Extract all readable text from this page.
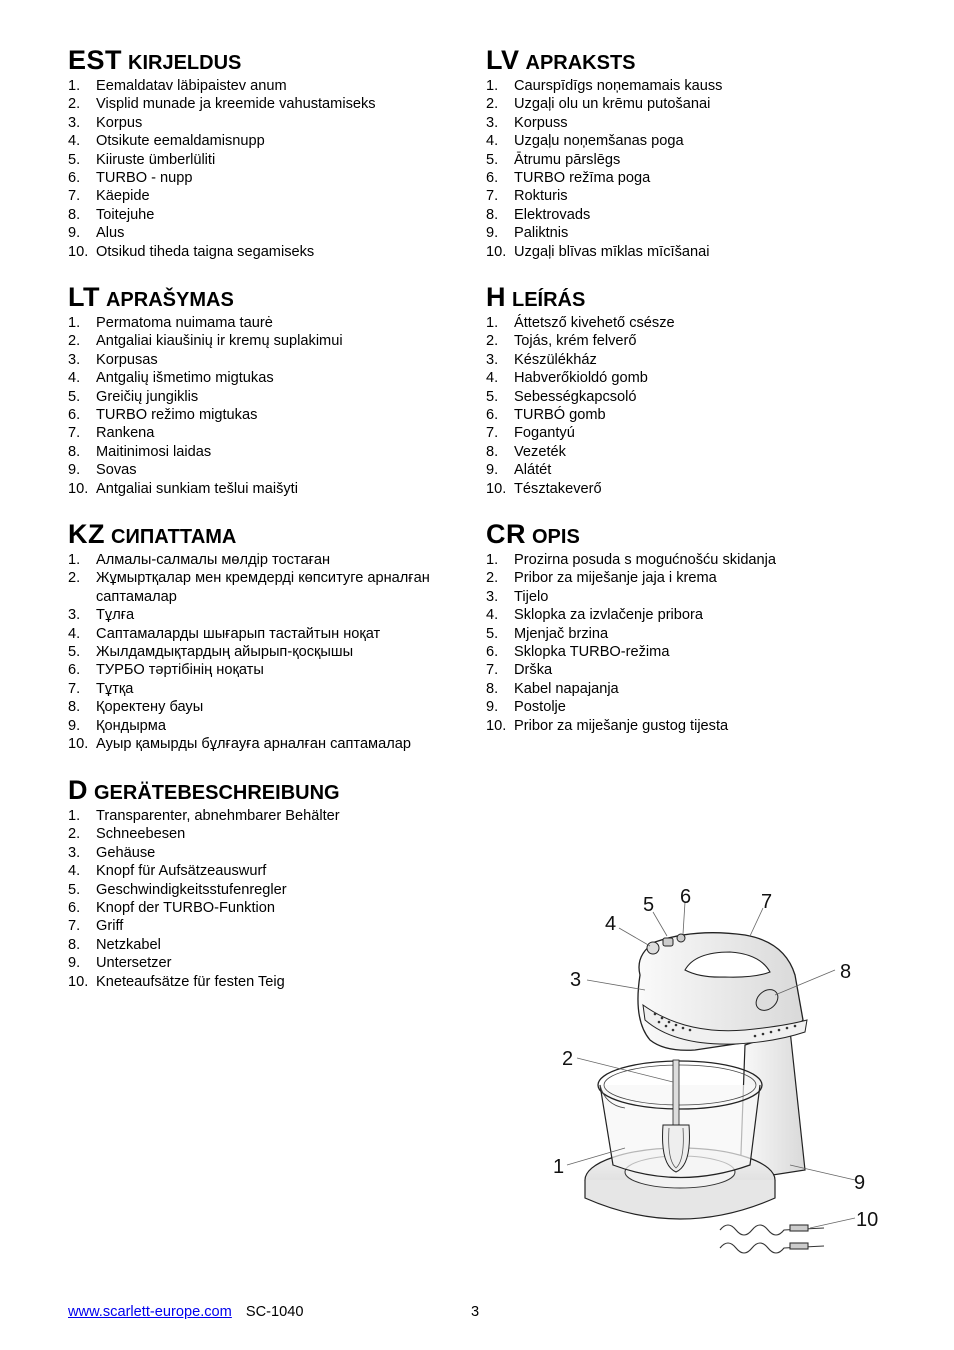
EST KIRJELDUS
1. Eemaldatav läbipaistev anum
2. Visplid munade ja kreemide vahustamiseks
3. Korpus
4. Otsikute eemaldamisnupp
5. Kiiruste ümberlüliti
6. TURBO - nupp
7. Käepide
8. Toitejuhe
9. Alus
10. Otsikud tiheda taigna segamiseks
LV APRAKSTS
1. Caurspīdīgs noņemamais kauss
2. Uzgaļi olu un krēmu putošanai
3. Korpuss
4. Uzgaļu noņemšanas poga
5. Ātrumu pārslēgs
6. TURBO režīma poga
7. Rokturis
8. Elektrovads
9. Paliktnis
10. Uzgaļi blīvas mīklas mīcīšanai
LT APRAŠYMAS
1. Permatoma nuimama taurė
2. Antgaliai kiaušinių ir kremų suplakimui
3. Korpusas
4. Antgalių išmetimo migtukas
5. Greičių jungiklis
6. TURBO režimo migtukas
7. Rankena
8. Maitinimosi laidas
9. Sovas
10. Antgaliai sunkiam tešlui maišyti
H LEÍRÁS
1. Áttetsző kivehető csésze
2. Tojás, krém felverő
3. Készülékház
4. Habverőkioldó gomb
5. Sebességkapcsoló
6. TURBÓ gomb
7. Fogantyú
8. Vezeték
9. Alátét
10. Tésztakeverő
KZ СИПАТТАМА
1. Алмалы-салмалы мөлдір тостаған
2. Жұмыртқалар мен кремдерді көпситуге арналған саптамалар
3. Тұлға
4. Саптамаларды шығарып тастайтын ноқат
5. Жылдамдықтардың айырып-қосқышы
6. ТУРБО тәртібінің ноқаты
7. Тұтқа
8. Қоректену бауы
9. Қондырма
10. Ауыр қамырды бұлғауға арналған саптамалар
CR OPIS
1. Prozirna posuda s mogućnošću skidanja
2. Pribor za miješanje jaja i krema
3. Tijelo
4. Sklopka za izvlačenje pribora
5. Mjenjač brzina
6. Sklopka TURBO-režima
7. Drška
8. Kabel napajanja
9. Postolje
10. Pribor za miješanje gustog tijesta
D GERÄTEBESCHREIBUNG
1. Transparenter, abnehmbarer Behälter
2. Schneebesen
3. Gehäuse
4. Knopf für Aufsätzeauswurf
5. Geschwindigkeitsstufenregler
6. Knopf der TURBO-Funktion
7. Griff
8. Netzkabel
9. Untersetzer
10. Kneteaufsätze für festen Teig
1
2
3
4
5 6	7
8
9
10
www.scarlett-europe.com SC-1040	3
